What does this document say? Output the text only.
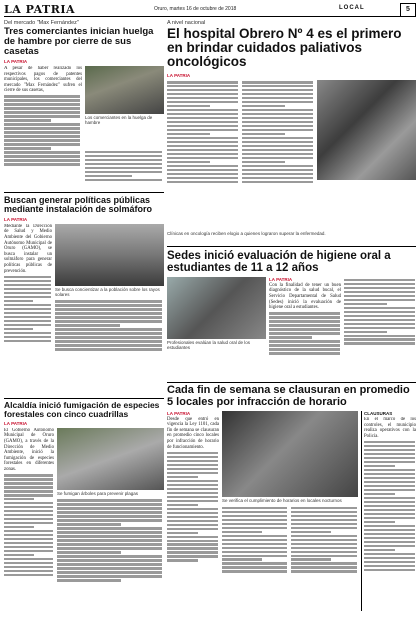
LA PATRIA	Oruro, martes 16 de octubre de 2018	LOCAL	5
Del mercado "Max Fernández"
Tres comerciantes inician huelga de hambre por cierre de sus casetas
LA PATRIA
A pesar de haber realizado los respectivos pagos de patentes municipales, los comerciantes del mercado "Max Fernández" sufren el cierre de sus casetas,
Los comerciantes en la huelga de hambre
A nivel nacional
El hospital Obrero Nº 4 es el primero en brindar cuidados paliativos oncológicos
LA PATRIA
Clínicas en oncología reciben elogio a quienes lograron superar la enfermedad.
Buscan generar políticas públicas mediante instalación de solmáforo
LA PATRIA
Mediante la Dirección de Salud y Medio Ambiente del Gobierno Autónomo Municipal de Oruro (GAMO), se busca instalar un solmáforo para generar políticas públicas de prevención.
Se busca concientizar a la población sobre los rayos solares
Sedes inició evaluación de higiene oral a estudiantes de 11 a 12 años
Profesionales evalúan la salud oral de los estudiantes
LA PATRIA
Con la finalidad de tener un buen diagnóstico de la salud bucal, el Servicio Departamental de Salud (Sedes) inició la evaluación de higiene oral a estudiantes.
Alcaldía inició fumigación de especies forestales con cinco cuadrillas
LA PATRIA
El Gobierno Autónomo Municipal de Oruro (GAMO), a través de la Dirección de Medio Ambiente, inició la fumigación de especies forestales en diferentes zonas.
Se fumigan árboles para prevenir plagas
Cada fin de semana se clausuran en promedio 5 locales por infracción de horario
LA PATRIA
Desde que entró en vigencia la Ley 1101, cada fin de semana se clausuran en promedio cinco locales por infracción de horario de funcionamiento.
Se verifica el cumplimiento de horarios en locales nocturnos
CLAUSURAS
En el marco de los controles, el municipio realiza operativos con la Policía.
